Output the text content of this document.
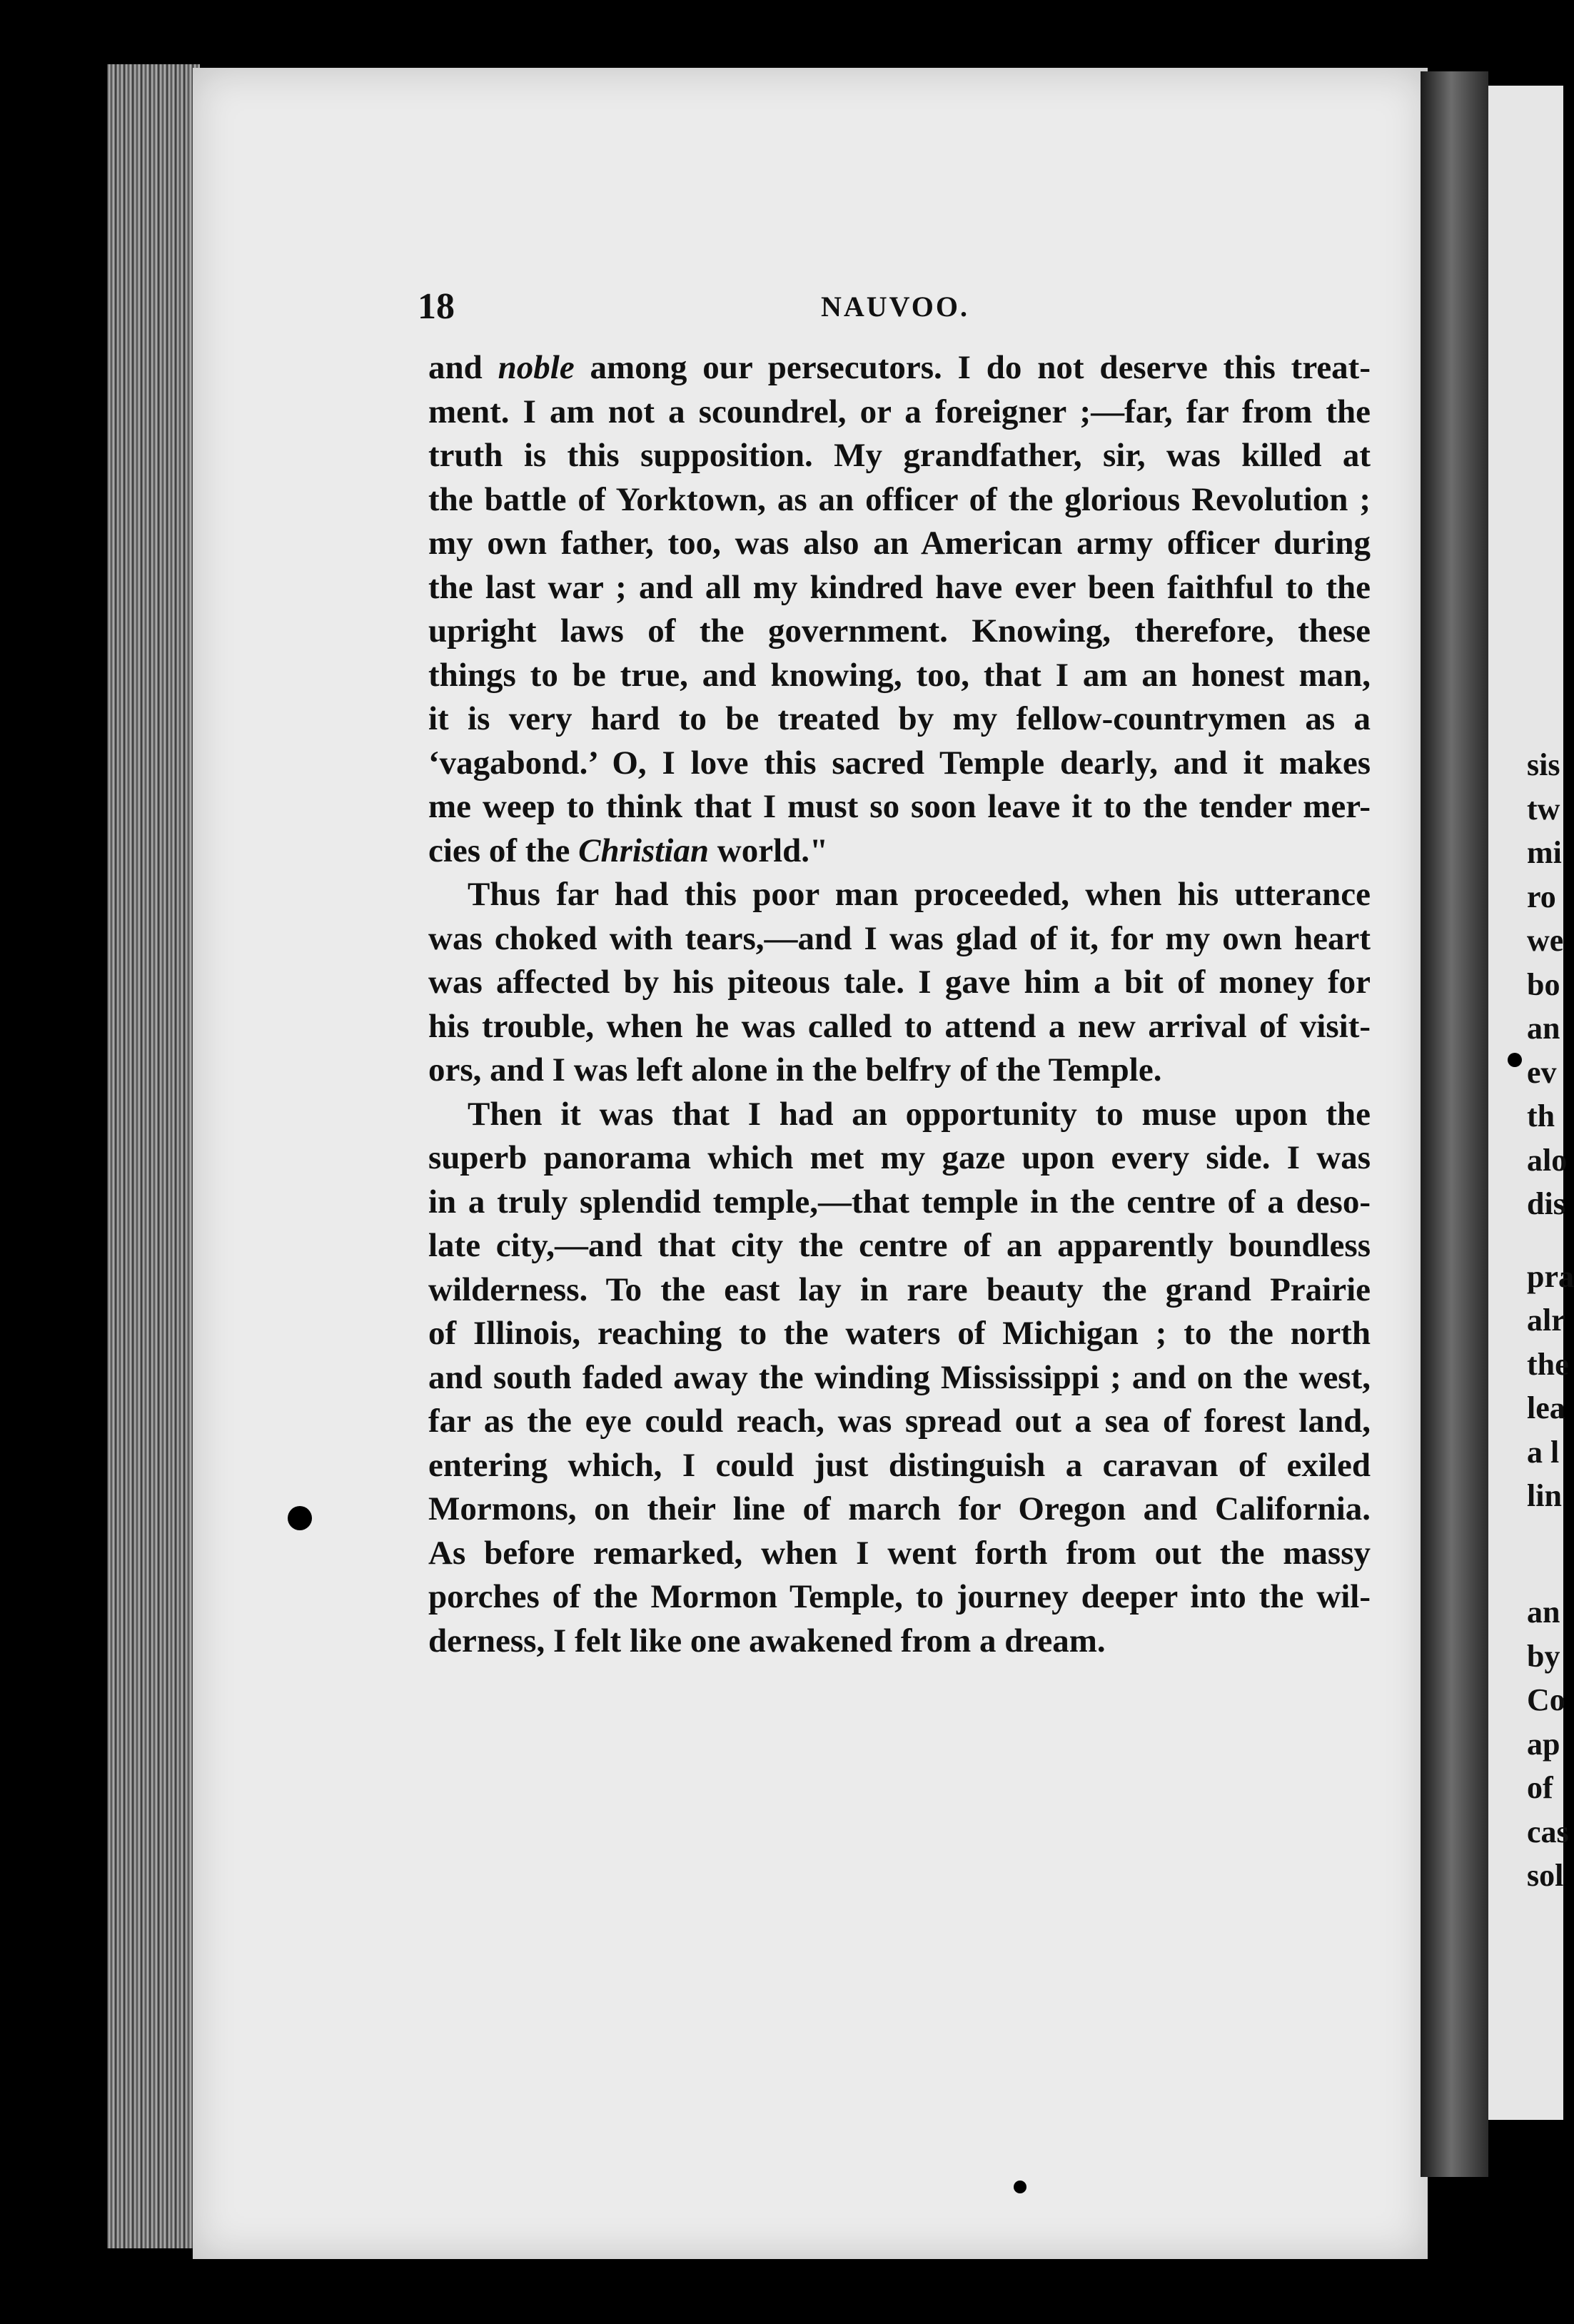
sis
tw
mi
ro
we
bo
an
ev
th
alo
dis
pra
alr
the
lea
a l
lin
an
by
Co
ap
of
cas
sol
18	NAUVOO.
and noble among our persecutors. I do not deserve this treat-
ment. I am not a scoundrel, or a foreigner ;—far, far from the
truth is this supposition. My grandfather, sir, was killed at
the battle of Yorktown, as an officer of the glorious Revolution ;
my own father, too, was also an American army officer during
the last war ; and all my kindred have ever been faithful to the
upright laws of the government. Knowing, therefore, these
things to be true, and knowing, too, that I am an honest man,
it is very hard to be treated by my fellow-countrymen as a
‘vagabond.’ O, I love this sacred Temple dearly, and it makes
me weep to think that I must so soon leave it to the tender mer-
cies of the Christian world."
Thus far had this poor man proceeded, when his utterance
was choked with tears,—and I was glad of it, for my own heart
was affected by his piteous tale. I gave him a bit of money for
his trouble, when he was called to attend a new arrival of visit-
ors, and I was left alone in the belfry of the Temple.
Then it was that I had an opportunity to muse upon the
superb panorama which met my gaze upon every side. I was
in a truly splendid temple,—that temple in the centre of a deso-
late city,—and that city the centre of an apparently boundless
wilderness. To the east lay in rare beauty the grand Prairie
of Illinois, reaching to the waters of Michigan ; to the north
and south faded away the winding Mississippi ; and on the west,
far as the eye could reach, was spread out a sea of forest land,
entering which, I could just distinguish a caravan of exiled
Mormons, on their line of march for Oregon and California.
As before remarked, when I went forth from out the massy
porches of the Mormon Temple, to journey deeper into the wil-
derness, I felt like one awakened from a dream.
